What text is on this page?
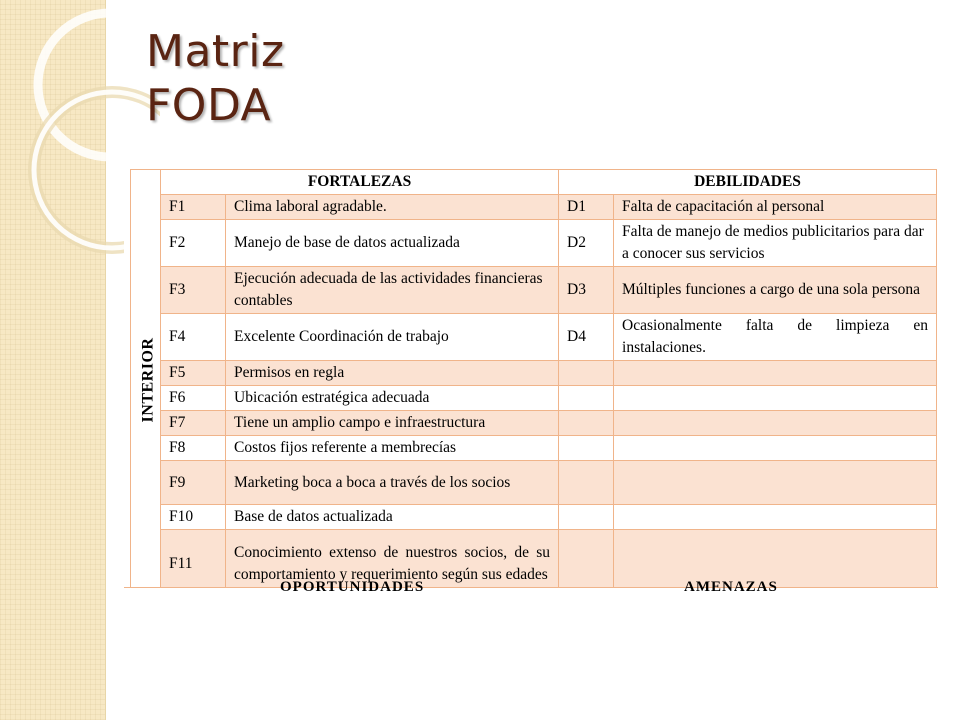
Matriz
FODA
INTERIOR
FORTALEZAS		DEBILIDADES	
F1	Clima laboral agradable.	D1	Falta de capacitación al personal
F2	Manejo de base de datos actualizada	D2	Falta de manejo de medios publicitarios para dar a conocer sus servicios
F3	Ejecución adecuada de las actividades financieras contables	D3	Múltiples funciones a cargo de una sola persona
F4	Excelente Coordinación de trabajo	D4	Ocasionalmente falta de limpieza en instalaciones.
F5	Permisos en regla		
F6	Ubicación estratégica adecuada		
F7	Tiene un amplio campo e infraestructura		
F8	Costos fijos referente a membrecías		
F9	Marketing boca a boca a través de los socios		
F10	Base de datos actualizada		
F11	Conocimiento extenso de nuestros socios, de su comportamiento y requerimiento según sus edades		
OPORTUNIDADES	AMENAZAS
